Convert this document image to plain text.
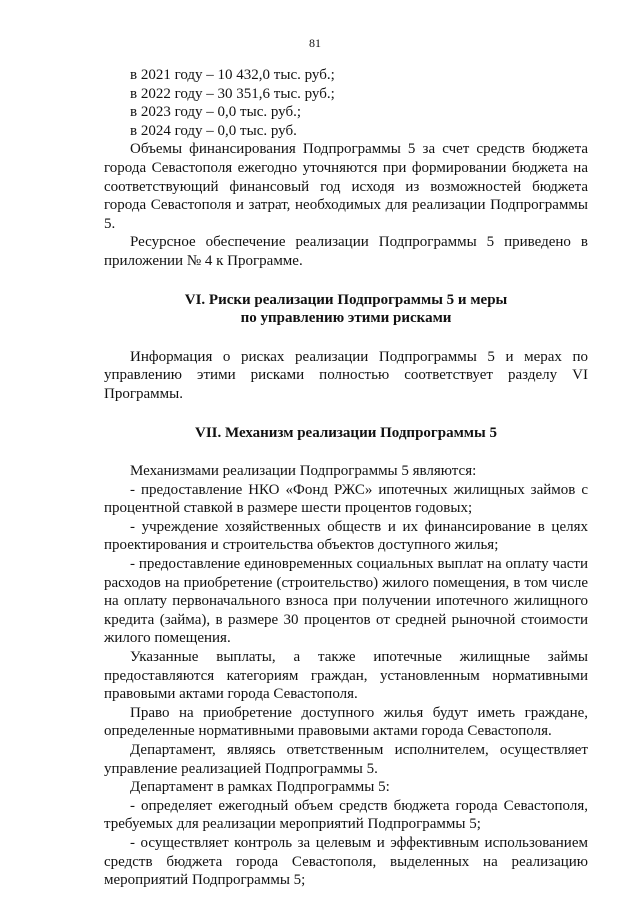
81
в 2021 году – 10 432,0 тыс. руб.;
в 2022 году – 30 351,6 тыс. руб.;
в 2023 году – 0,0 тыс. руб.;
в 2024 году – 0,0 тыс. руб.

Объемы финансирования Подпрограммы 5 за счет средств бюджета города Севастополя ежегодно уточняются при формировании бюджета на соответствующий финансовый год исходя из возможностей бюджета города Севастополя и затрат, необходимых для реализации Подпрограммы 5.

Ресурсное обеспечение реализации Подпрограммы 5 приведено в приложении № 4 к Программе.

VI. Риски реализации Подпрограммы 5 и меры
по управлению этими рисками

Информация о рисках реализации Подпрограммы 5 и мерах по управлению этими рисками полностью соответствует разделу VI Программы.

VII. Механизм реализации Подпрограммы 5
Механизмами реализации Подпрограммы 5 являются:

- предоставление НКО «Фонд РЖС» ипотечных жилищных займов с процентной ставкой в размере шести процентов годовых;

- учреждение хозяйственных обществ и их финансирование в целях проектирования и строительства объектов доступного жилья;

- предоставление единовременных социальных выплат на оплату части расходов на приобретение (строительство) жилого помещения, в том числе на оплату первоначального взноса при получении ипотечного жилищного кредита (займа), в размере 30 процентов от средней рыночной стоимости жилого помещения.

Указанные выплаты, а также ипотечные жилищные займы предоставляются категориям граждан, установленным нормативными правовыми актами города Севастополя.

Право на приобретение доступного жилья будут иметь граждане, определенные нормативными правовыми актами города Севастополя.

Департамент, являясь ответственным исполнителем, осуществляет управление реализацией Подпрограммы 5.

Департамент в рамках Подпрограммы 5:

- определяет ежегодный объем средств бюджета города Севастополя, требуемых для реализации мероприятий Подпрограммы 5;

- осуществляет контроль за целевым и эффективным использованием средств бюджета города Севастополя, выделенных на реализацию мероприятий Подпрограммы 5;
